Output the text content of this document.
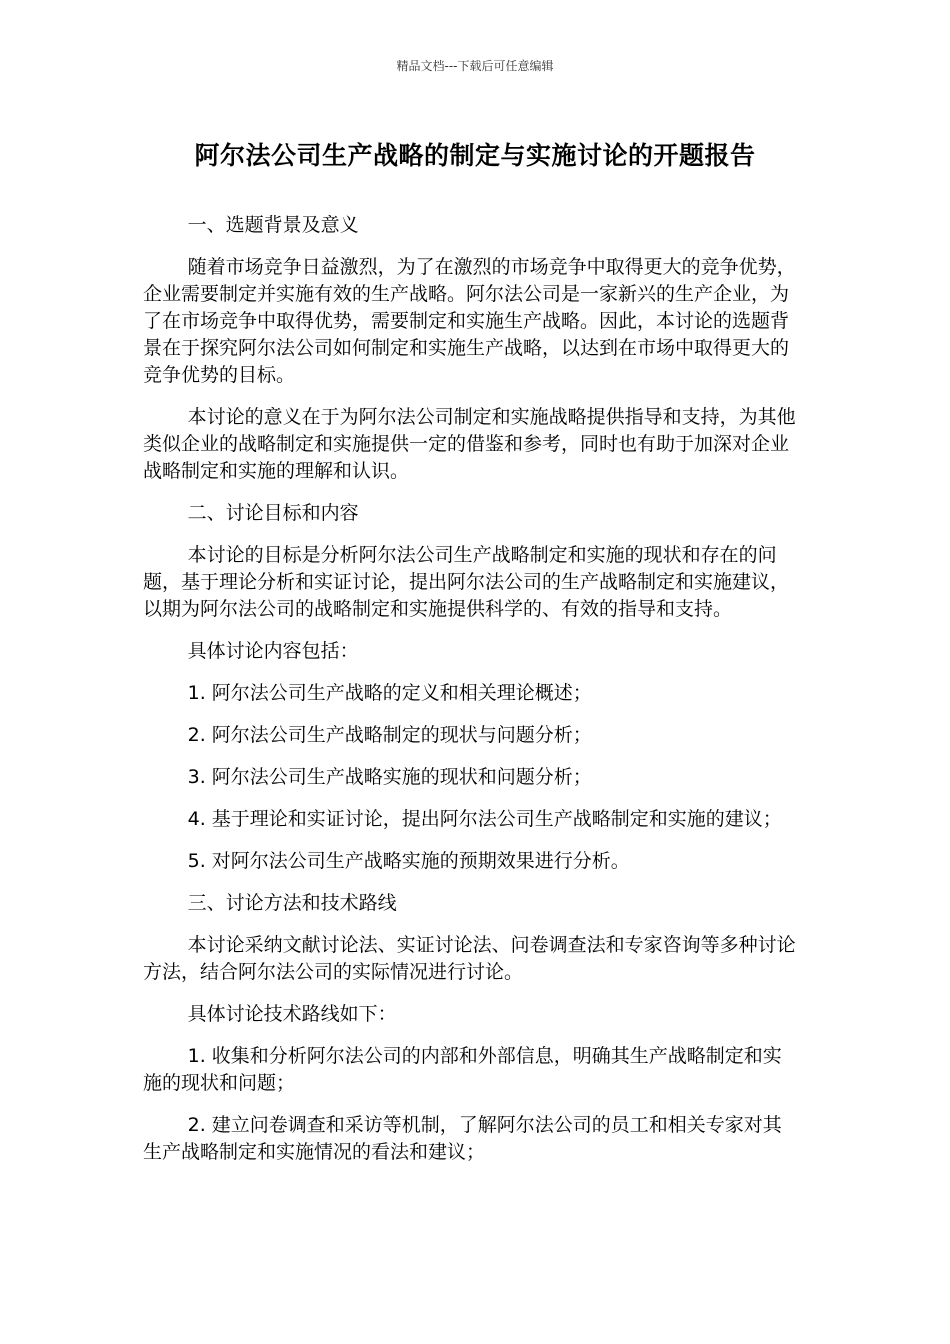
精品文档---下载后可任意编辑
阿尔法公司生产战略的制定与实施讨论的开题报告

一、选题背景及意义

随着市场竞争日益激烈，为了在激烈的市场竞争中取得更大的竞争优势，企业需要制定并实施有效的生产战略。阿尔法公司是一家新兴的生产企业，为了在市场竞争中取得优势，需要制定和实施生产战略。因此，本讨论的选题背景在于探究阿尔法公司如何制定和实施生产战略，以达到在市场中取得更大的竞争优势的目标。

本讨论的意义在于为阿尔法公司制定和实施战略提供指导和支持，为其他类似企业的战略制定和实施提供一定的借鉴和参考，同时也有助于加深对企业战略制定和实施的理解和认识。

二、讨论目标和内容

本讨论的目标是分析阿尔法公司生产战略制定和实施的现状和存在的问题，基于理论分析和实证讨论，提出阿尔法公司的生产战略制定和实施建议，以期为阿尔法公司的战略制定和实施提供科学的、有效的指导和支持。

具体讨论内容包括：

1. 阿尔法公司生产战略的定义和相关理论概述；

2. 阿尔法公司生产战略制定的现状与问题分析；

3. 阿尔法公司生产战略实施的现状和问题分析；

4. 基于理论和实证讨论，提出阿尔法公司生产战略制定和实施的建议；

5. 对阿尔法公司生产战略实施的预期效果进行分析。

三、讨论方法和技术路线

本讨论采纳文献讨论法、实证讨论法、问卷调查法和专家咨询等多种讨论方法，结合阿尔法公司的实际情况进行讨论。

具体讨论技术路线如下：

1. 收集和分析阿尔法公司的内部和外部信息，明确其生产战略制定和实施的现状和问题；

2. 建立问卷调查和采访等机制，了解阿尔法公司的员工和相关专家对其生产战略制定和实施情况的看法和建议；
